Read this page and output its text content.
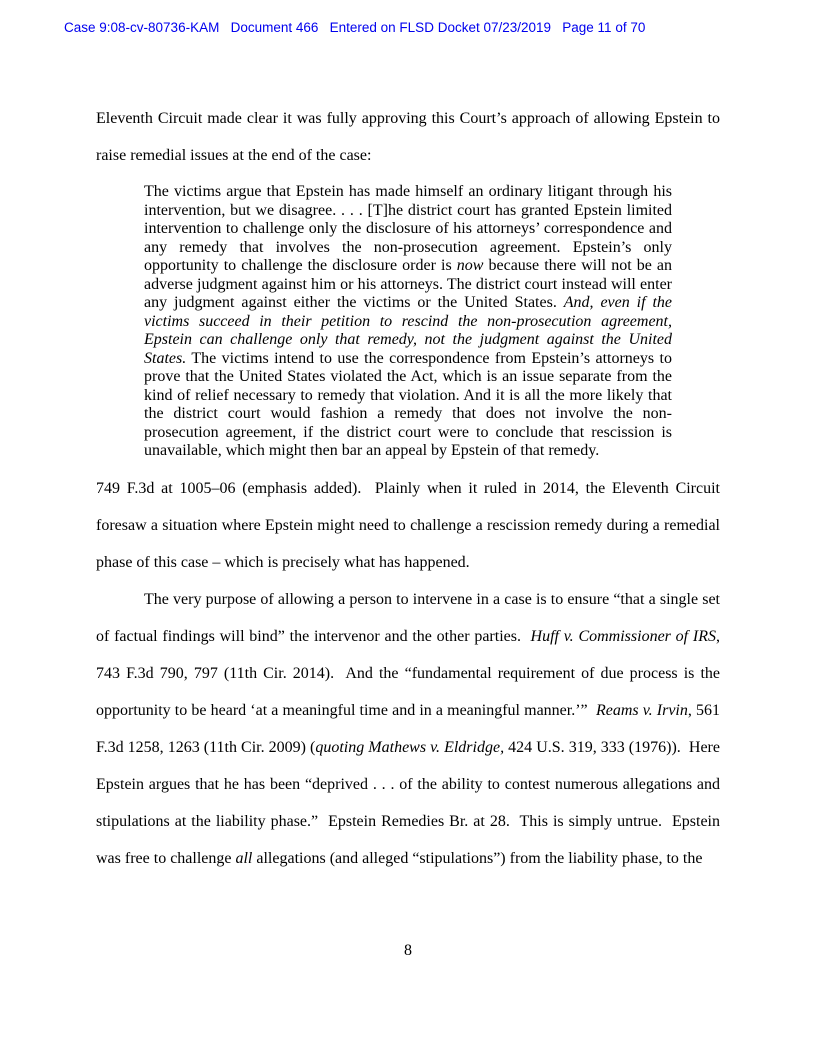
Case 9:08-cv-80736-KAM   Document 466   Entered on FLSD Docket 07/23/2019   Page 11 of 70

Eleventh Circuit made clear it was fully approving this Court’s approach of allowing Epstein to raise remedial issues at the end of the case:

The victims argue that Epstein has made himself an ordinary litigant through his intervention, but we disagree. . . . [T]he district court has granted Epstein limited intervention to challenge only the disclosure of his attorneys’ correspondence and any remedy that involves the non-prosecution agreement. Epstein’s only opportunity to challenge the disclosure order is now because there will not be an adverse judgment against him or his attorneys. The district court instead will enter any judgment against either the victims or the United States. And, even if the victims succeed in their petition to rescind the non-prosecution agreement, Epstein can challenge only that remedy, not the judgment against the United States. The victims intend to use the correspondence from Epstein’s attorneys to prove that the United States violated the Act, which is an issue separate from the kind of relief necessary to remedy that violation. And it is all the more likely that the district court would fashion a remedy that does not involve the non-prosecution agreement, if the district court were to conclude that rescission is unavailable, which might then bar an appeal by Epstein of that remedy.

749 F.3d at 1005–06 (emphasis added).  Plainly when it ruled in 2014, the Eleventh Circuit foresaw a situation where Epstein might need to challenge a rescission remedy during a remedial phase of this case – which is precisely what has happened.

The very purpose of allowing a person to intervene in a case is to ensure “that a single set of factual findings will bind” the intervenor and the other parties.  Huff v. Commissioner of IRS, 743 F.3d 790, 797 (11th Cir. 2014).  And the “fundamental requirement of due process is the opportunity to be heard ‘at a meaningful time and in a meaningful manner.’”  Reams v. Irvin, 561 F.3d 1258, 1263 (11th Cir. 2009) (quoting Mathews v. Eldridge, 424 U.S. 319, 333 (1976)).  Here Epstein argues that he has been “deprived . . . of the ability to contest numerous allegations and stipulations at the liability phase.”  Epstein Remedies Br. at 28.  This is simply untrue.  Epstein was free to challenge all allegations (and alleged “stipulations”) from the liability phase, to the

8
